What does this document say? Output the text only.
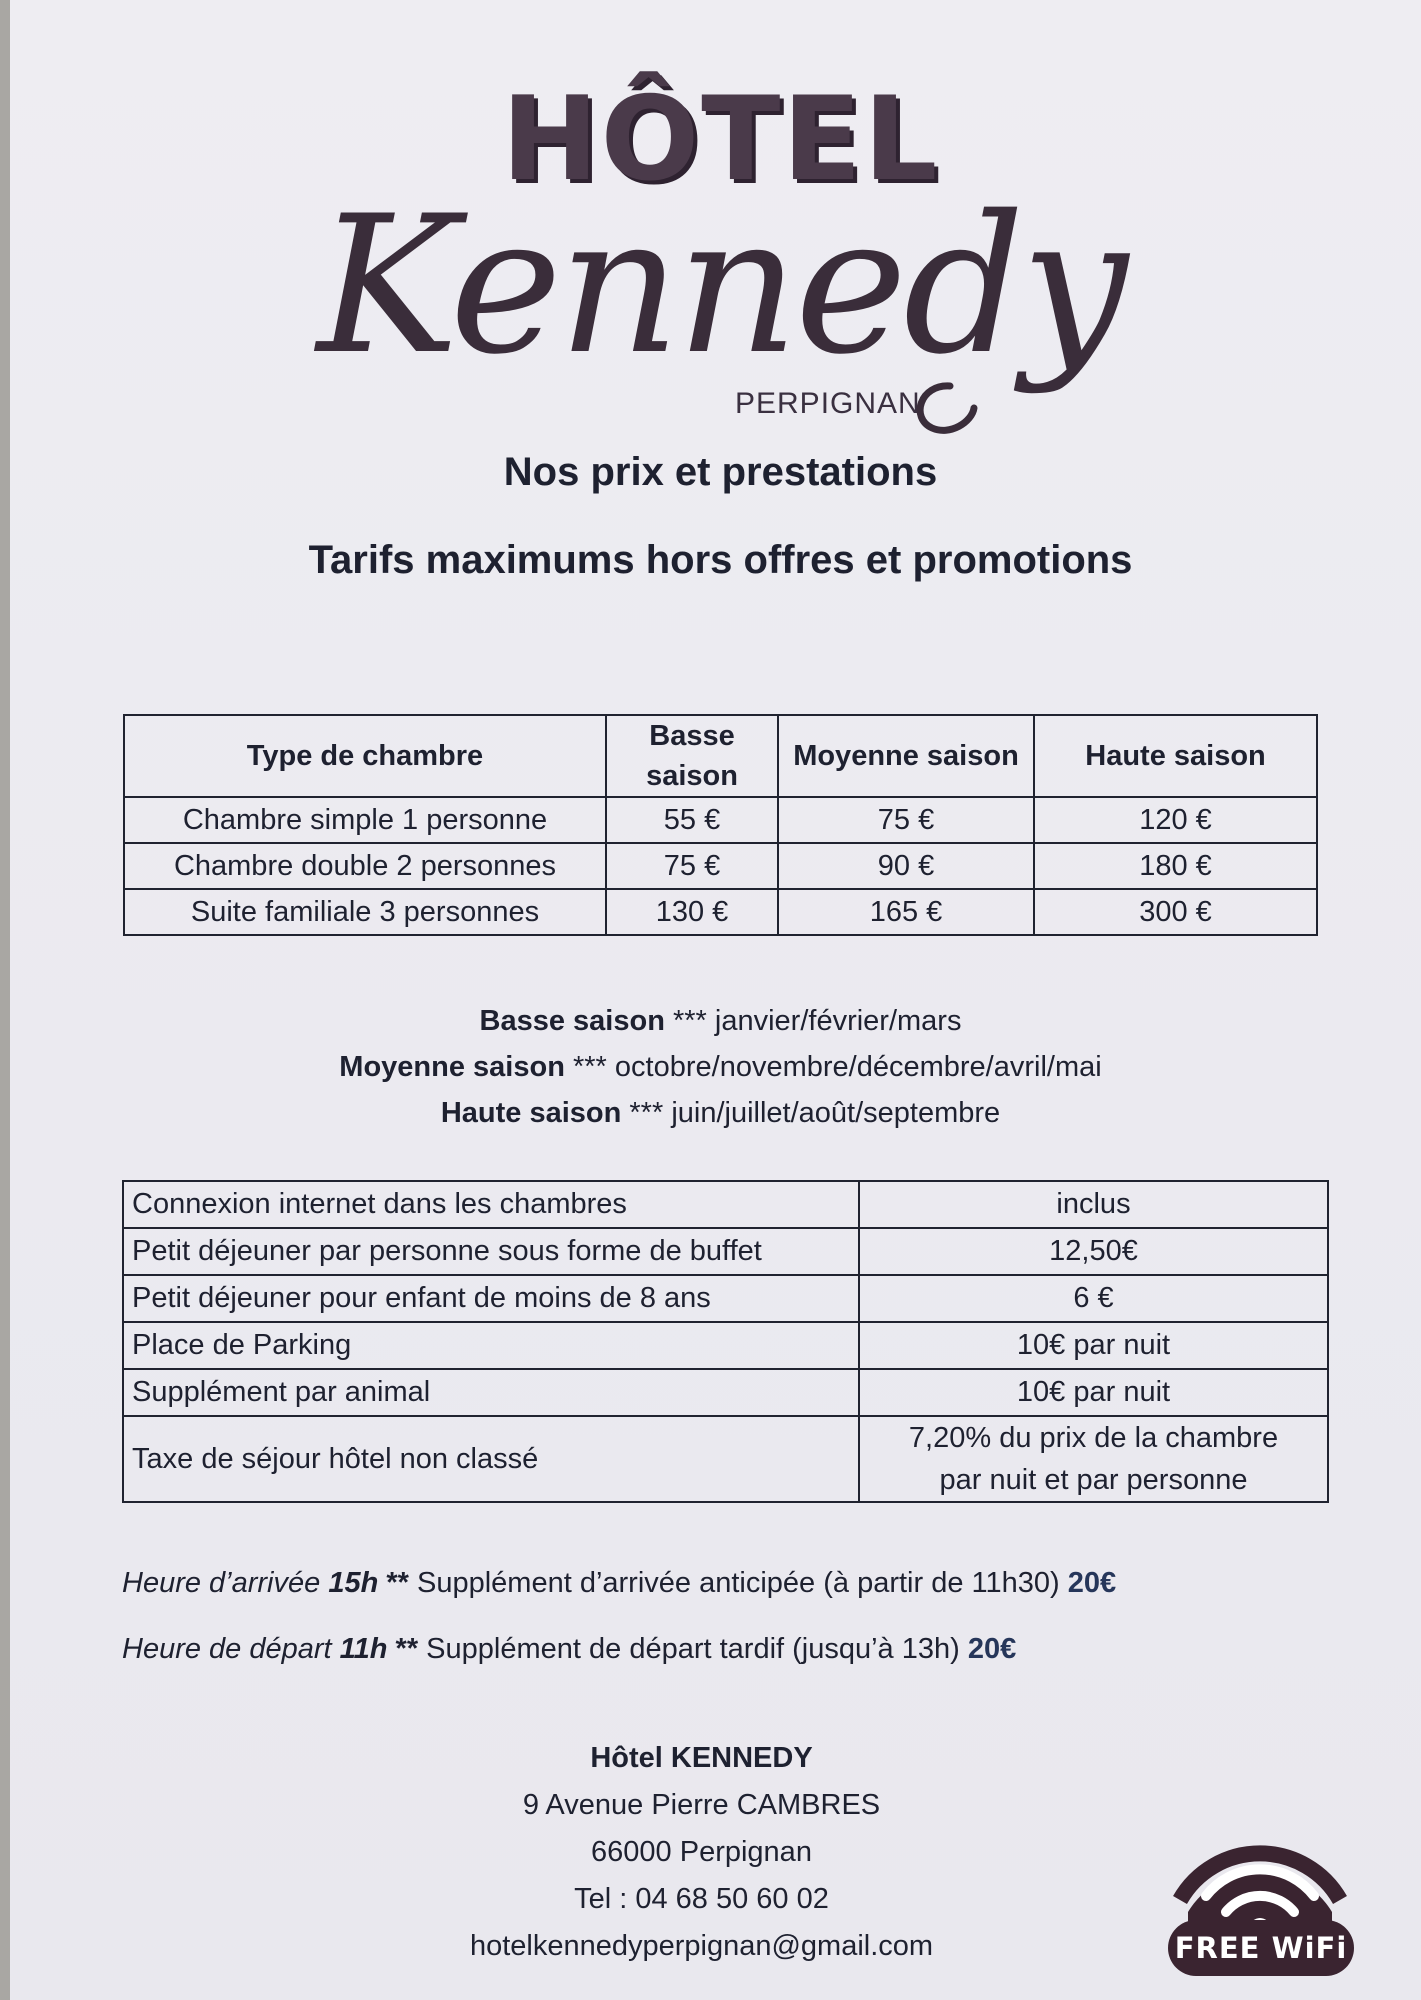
HÔTEL
Kennedy
PERPIGNAN
Nos prix et prestations
Tarifs maximums hors offres et promotions
Type de chambre	Basse saison	Moyenne saison	Haute saison
Chambre simple 1 personne	55 €	75 €	120 €
Chambre double 2 personnes	75 €	90 €	180 €
Suite familiale 3 personnes	130 €	165 €	300 €
Basse saison *** janvier/février/mars
Moyenne saison *** octobre/novembre/décembre/avril/mai
Haute saison *** juin/juillet/août/septembre
Connexion internet dans les chambres	inclus
Petit déjeuner par personne sous forme de buffet	12,50€
Petit déjeuner pour enfant de moins de 8 ans	6 €
Place de Parking	10€ par nuit
Supplément par animal	10€ par nuit
Taxe de séjour hôtel non classé	7,20% du prix de la chambre
par nuit et par personne
Heure d’arrivée 15h ** Supplément d’arrivée anticipée (à partir de 11h30) 20€
Heure de départ 11h ** Supplément de départ tardif (jusqu’à 13h) 20€
Hôtel KENNEDY
9 Avenue Pierre CAMBRES
66000 Perpignan
Tel : 04 68 50 60 02
hotelkennedyperpignan@gmail.com	FREE WiFi
